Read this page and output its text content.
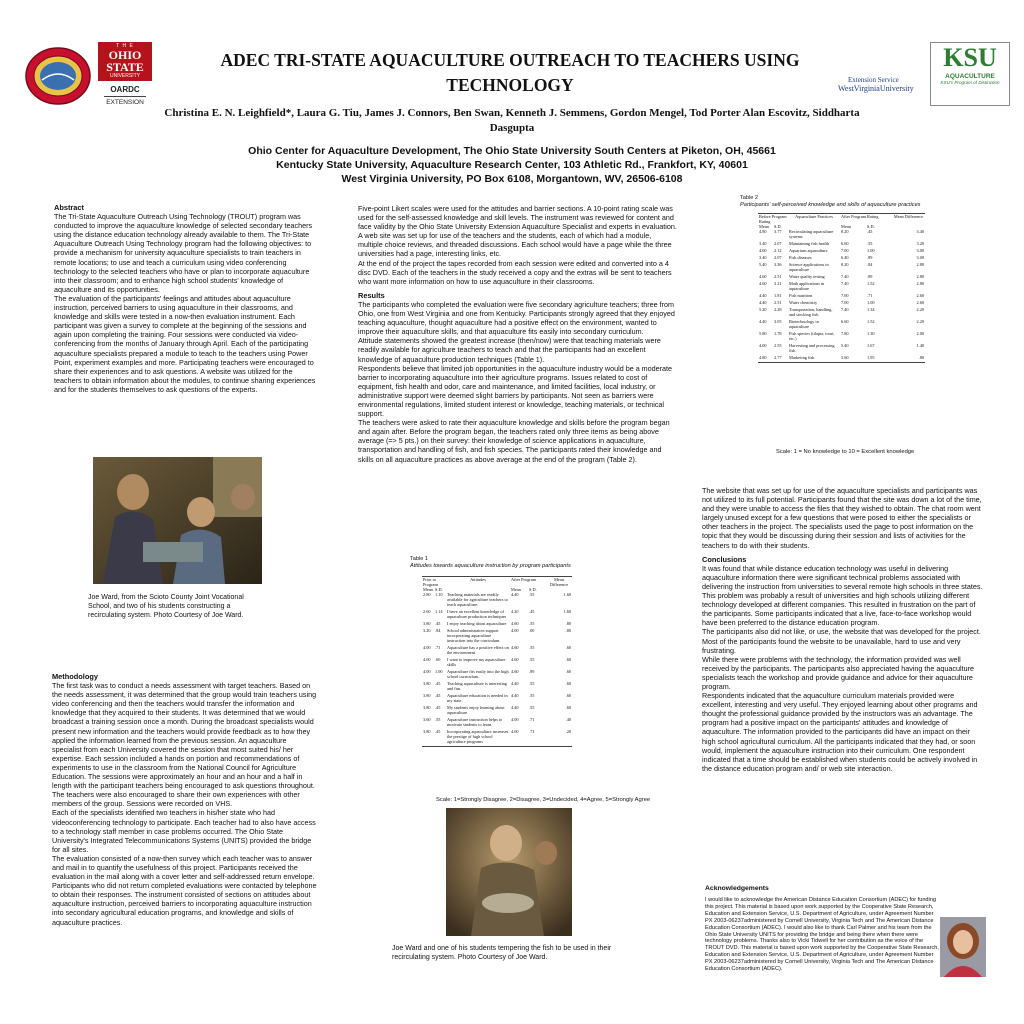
T H E
OHIO
STATE
UNIVERSITY
OARDC
EXTENSION
Extension Service
WestVirginiaUniversity
KSU
AQUACULTURE
KSU's Program of Distinction
ADEC TRI-STATE AQUACULTURE OUTREACH TO TEACHERS USING
TECHNOLOGY
Christina E. N. Leighfield*, Laura G. Tiu, James J. Connors, Ben Swan, Kenneth J. Semmens, Gordon Mengel, Tod Porter Alan Escovitz, Siddharta Dasgupta
Ohio Center for Aquaculture Development, The Ohio State University South Centers at Piketon, OH, 45661
Kentucky State University, Aquaculture Research Center, 103 Athletic Rd., Frankfort, KY, 40601
West Virginia University, PO Box 6108, Morgantown, WV, 26506-6108

Abstract

The Tri-State Aquaculture Outreach Using Technology (TROUT) program was conducted to improve the aquaculture knowledge of selected secondary teachers using the distance education technology already available to them. The Tri-State Aquaculture Outreach Using Technology program had the following objectives: to provide a mechanism for university aquaculture specialists to train teachers in remote locations; to use and teach a curriculum using video conferencing technology to the selected teachers who have or plan to incorporate aquaculture into their classroom; and to enhance high school students' knowledge of aquaculture and its opportunities.

The evaluation of the participants' feelings and attitudes about aquaculture instruction, perceived barriers to using aquaculture in their classrooms, and knowledge and skills were tested in a now-then evaluation instrument. Each participant was given a survey to complete at the beginning of the sessions and again upon completing the training. Four sessions were conducted via video-conferencing from the months of January through April. Each of the participating aquaculture specialists prepared a module to teach to the teachers using Power Point, experiment examples and more. Participating teachers were encouraged to share their experiences and to ask questions. A website was utilized for the teachers to obtain information about the modules, to continue sharing experiences and for the students themselves to ask questions of the experts.

Joe Ward, from the Scioto County Joint Vocational School, and two of his students constructing a recirculating system. Photo Courtesy of Joe Ward.

Methodology

The first task was to conduct a needs assessment with target teachers. Based on the needs assessment, it was determined that the group would train teachers using video conferencing and then the teachers would transfer the information and knowledge that they acquired to their students. It was determined that we would broadcast a training session once a month. During the broadcast specialists would present new information and the teachers would provide feedback as to how they applied the information learned from the previous session. An aquaculture specialist from each University covered the session that most suited his/ her expertise. Each session included a hands on portion and recommendations of experiments to use in the classroom from the National Council for Agriculture Education. The sessions were approximately an hour and an hour and a half in length with the participant teachers being encouraged to ask questions throughout. The teachers were also encouraged to share their own experiences with other members of the group. Sessions were recorded on VHS.

Each of the specialists identified two teachers in his/her state who had videoconferencing technology to participate. Each teacher had to also have access to a technology staff member in case problems occurred. The Ohio State University's Integrated Telecommunications Systems (UNITS) provided the bridge for all sites.

The evaluation consisted of a now-then survey which each teacher was to answer and mail in to quantify the usefulness of this project. Participants received the evaluation in the mail along with a cover letter and self-addressed return envelope. Participants who did not return completed evaluations were contacted by telephone to obtain their responses. The instrument consisted of sections on attitudes about aquaculture instruction, perceived barriers to incorporating aquaculture instruction into secondary agricultural education programs, and knowledge and skills of aquaculture practices.

Five-point Likert scales were used for the attitudes and barrier sections. A 10-point rating scale was used for the self-assessed knowledge and skill levels. The instrument was reviewed for content and face validity by the Ohio State University Extension Aquaculture Specialist and experts in evaluation. A web site was set up for use of the teachers and the students, each of which had a module, multiple choice reviews, and threaded discussions. Each school would have a page while the three universities had a page, interesting links, etc.

At the end of the project the tapes recorded from each session were edited and converted into a 4 disc DVD. Each of the teachers in the study received a copy and the extras will be sent to teachers who want more information on how to use aquaculture in their classrooms.

Results

The participants who completed the evaluation were five secondary agriculture teachers; three from Ohio, one from West Virginia and one from Kentucky. Participants strongly agreed that they enjoyed teaching aquaculture, thought aquaculture had a positive effect on the environment, wanted to improve their aquaculture skills, and that aquaculture fits easily into secondary curriculum.

Attitude statements showed the greatest increase (then/now) were that teaching materials were readily available for agriculture teachers to teach and that the participants had an excellent knowledge of aquaculture production techniques (Table 1).

Respondents believe that limited job opportunities in the aquaculture industry would be a moderate barrier to incorporating aquaculture into their agriculture programs. Issues related to cost of equipment, fish health and odor, care and maintenance, and limited facilities, local industry, or administrative support were deemed slight barriers by participants. Not seen as barriers were environmental regulations, limited student interest or knowledge, teaching materials, or technical support.

The teachers were asked to rate their aquaculture knowledge and skills before the program began and again after. Before the program began, the teachers rated only three items as being above average (=> 5 pts.) on their survey: their knowledge of science applications in aquaculture, transportation and handling of fish, and fish species. The participants rated their knowledge and skills on all aquaculture practices as above average at the end of the program (Table 2).

Table 1
Attitudes towards aquaculture instruction by program participants
Prior to Program		Attitudes	After Program		Mean Difference
Mean	S.D.		Mean	S.D.	
2.80	1.10	Teaching materials are readily available for agriculture teachers to teach aquaculture.	4.40	.55	1.60
2.60	1.14	I have an excellent knowledge of aquaculture production techniques	4.20	.45	1.60
3.80	.45	I enjoy teaching about aquaculture	4.60	.55	.80
3.20	.84	School administrators support incorporating aquaculture instruction into the curriculum.	4.00	.00	.80
4.00	.71	Aquaculture has a positive effect on the environment.	4.60	.55	.60
4.00	.00	I want to improve my aquaculture skills	4.60	.55	.60
4.00	1.00	Aquaculture fits easily into the high school curriculum.	4.60	.89	.60
3.80	.45	Teaching aquaculture is interesting and fun.	4.40	.55	.60
3.80	.45	Aquaculture education is needed in my state.	4.40	.55	.60
3.80	.45	My students enjoy learning about aquaculture.	4.40	.55	.60
3.60	.55	Aquaculture instruction helps to motivate students to learn.	4.00	.71	.40
3.80	.45	Incorporating aquaculture increases the prestige of high school agriculture programs	4.00	.71	.20
Scale: 1=Strongly Disagree, 2=Disagree, 3=Undecided, 4=Agree, 5=Strongly Agree
Joe Ward and one of his students tempering the fish to be used in their recirculating system. Photo Courtesy of Joe Ward.
Table 2
Participants' self-perceived knowledge and skills of aquaculture practices
Before Program Rating		Aquaculture Practices	After Program Rating		Mean Difference
Mean	S.D.		Mean	S.D.	
4.80	3.77	Recirculating aquaculture systems	8.20	.45	3.40
3.40	2.07	Maintaining fish health	6.60	.55	3.20
4.00	2.12	Aquarium aquaculture	7.00	1.00	3.00
3.40	2.07	Fish diseases	6.40	.89	3.00
5.40	3.36	Science applications in aquaculture	8.20	.84	2.80
4.60	2.51	Water quality testing	7.40	.89	2.80
4.60	3.21	Math applications in aquaculture	7.40	1.52	2.80
4.40	1.81	Fish nutrition	7.00	.71	2.60
4.40	2.51	Water chemistry	7.00	1.00	2.60
5.20	2.28	Transportation, handling, and stocking fish	7.40	1.34	2.20
4.40	3.05	Biotechnology in aquaculture	6.60	1.52	2.20
5.80	1.78	Fish species (tilapia, trout, etc.)	7.80	1.30	2.00
4.00	2.55	Harvesting and processing fish	5.40	1.67	1.40
4.80	2.77	Marketing fish	5.60	1.95	.80
Scale: 1 = No knowledge to 10 = Excellent knowledge

The website that was set up for use of the aquaculture specialists and participants was not utilized to its full potential. Participants found that the site was down a lot of the time, and they were unable to access the files that they wished to obtain. The chat room went largely unused except for a few questions that were posed to either the specialists or other teachers in the project. The specialists used the page to post information on the topic that they would be discussing during their session and lists of activities for the teachers to do with their students.

Conclusions

It was found that while distance education technology was useful in delivering aquaculture information there were significant technical problems associated with delivering the instruction from universities to several remote high schools in three states. This problem was probably a result of universities and high schools utilizing different technology developed at different companies. This resulted in frustration on the part of the participants. Some participants indicated that a live, face-to-face workshop would have been preferred to the distance education program.

The participants also did not like, or use, the website that was developed for the project. Most of the participants found the website to be unavailable, hard to use and very frustrating.

While there were problems with the technology, the information provided was well received by the participants. The participants also appreciated having the aquaculture specialists teach the workshop and provide guidance and advice for their aquaculture program.

Respondents indicated that the aquaculture curriculum materials provided were excellent, interesting and very useful. They enjoyed learning about other programs and thought the professional guidance provided by the instructors was an advantage. The program had a positive impact on the participants' attitudes and knowledge of aquaculture. The information provided to the participants did have an impact on their high school agricultural curriculum. All the participants indicated that they had, or soon would, implement the aquaculture instruction into their curriculum. One respondent indicated that a time should be established when students could be actively involved in the distance education program and/ or web site interaction.

Acknowledgements
I would like to acknowledge the American Distance Education Consortium (ADEC) for funding this project. This material is based upon work supported by the Cooperative State Research, Education and Extension Service, U.S. Department of Agriculture, under Agreement Number PX 2003-06237administered by Cornell University, Virginia Tech and The American Distance Education Consortium (ADEC). I would also like to thank Carl Palmer and his team from the Ohio State University UNITS for providing the bridge and being there when there were technology problems. Thanks also to Vicki Tidwell for her contribution as the voice of the TROUT DVD. This material is based upon work supported by the Cooperative State Research, Education and Extension Service, U.S. Department of Agriculture, under Agreement Number PX 2003-06237administered by Cornell University, Virginia Tech and The American Distance Education Consortium (ADEC).
